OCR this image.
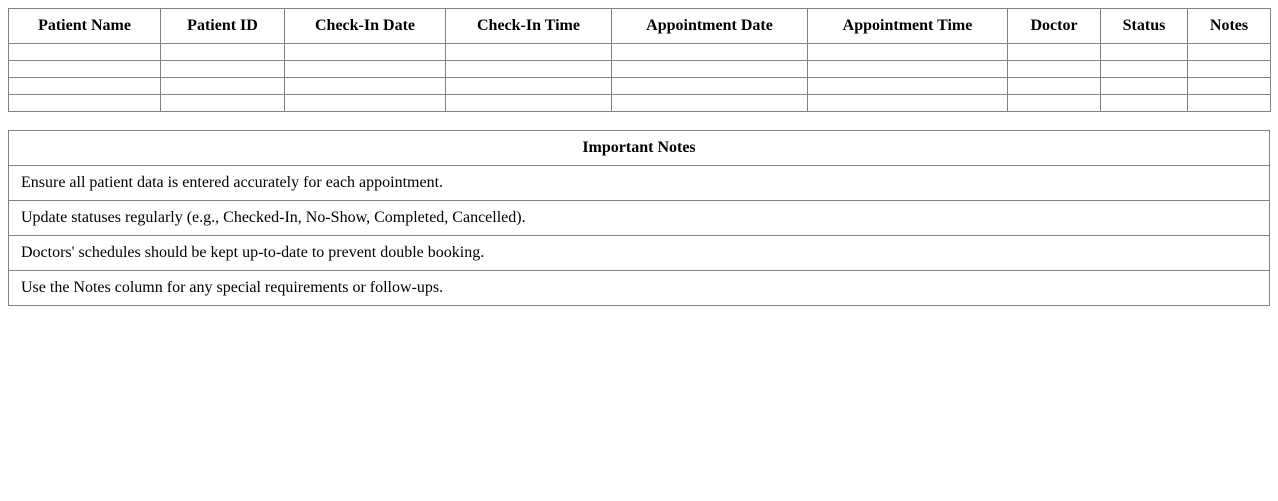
Patient Name	Patient ID	Check-In Date	Check-In Time	Appointment Date	Appointment Time	Doctor	Status	Notes

Important Notes
Ensure all patient data is entered accurately for each appointment.
Update statuses regularly (e.g., Checked-In, No-Show, Completed, Cancelled).
Doctors' schedules should be kept up-to-date to prevent double booking.
Use the Notes column for any special requirements or follow-ups.
